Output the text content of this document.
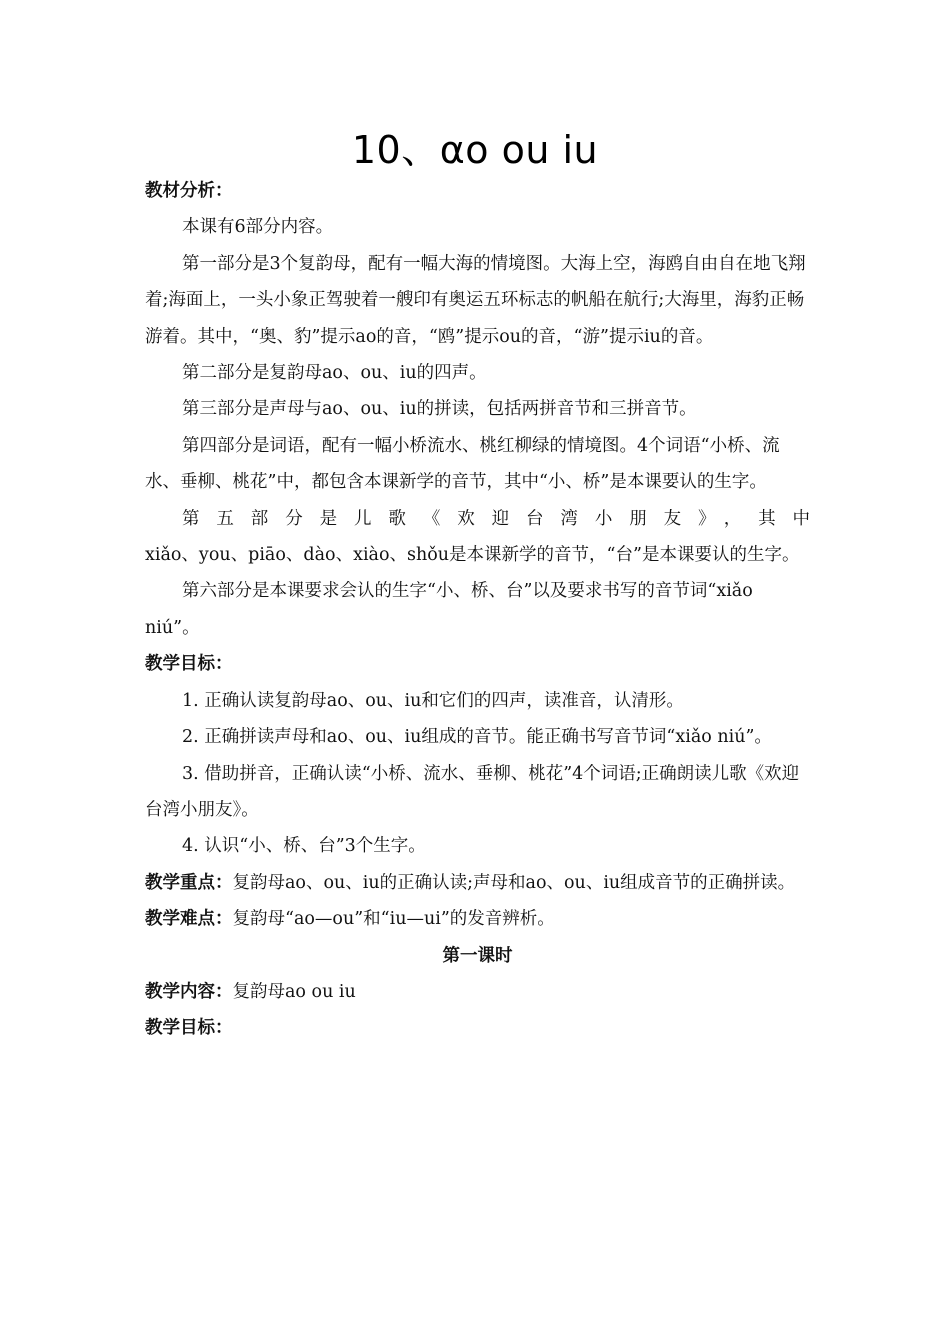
10、αo ou iu

教材分析：

本课有6部分内容。

第一部分是3个复韵母，配有一幅大海的情境图。大海上空，海鸥自由自在地飞翔着;海面上，一头小象正驾驶着一艘印有奥运五环标志的帆船在航行;大海里，海豹正畅游着。其中，“奥、豹”提示ao的音，“鸥”提示ou的音，“游”提示iu的音。

第二部分是复韵母ao、ou、iu的四声。

第三部分是声母与ao、ou、iu的拼读，包括两拼音节和三拼音节。

第四部分是词语，配有一幅小桥流水、桃红柳绿的情境图。4个词语“小桥、流水、垂柳、桃花”中，都包含本课新学的音节，其中“小、桥”是本课要认的生字。

第五部分是儿歌《欢迎台湾小朋友》，其中

xiǎo、you、piāo、dào、xiào、shǒu是本课新学的音节，“台”是本课要认的生字。

第六部分是本课要求会认的生字“小、桥、台”以及要求书写的音节词“xiǎo niú”。

教学目标：

1. 正确认读复韵母ao、ou、iu和它们的四声，读准音，认清形。

2. 正确拼读声母和ao、ou、iu组成的音节。能正确书写音节词“xiǎo niú”。

3. 借助拼音，正确认读“小桥、流水、垂柳、桃花”4个词语;正确朗读儿歌《欢迎台湾小朋友》。

4. 认识“小、桥、台”3个生字。

教学重点：复韵母ao、ou、iu的正确认读;声母和ao、ou、iu组成音节的正确拼读。

教学难点：复韵母“ao—ou”和“iu—ui”的发音辨析。

第一课时

教学内容：复韵母ao ou iu

教学目标：
